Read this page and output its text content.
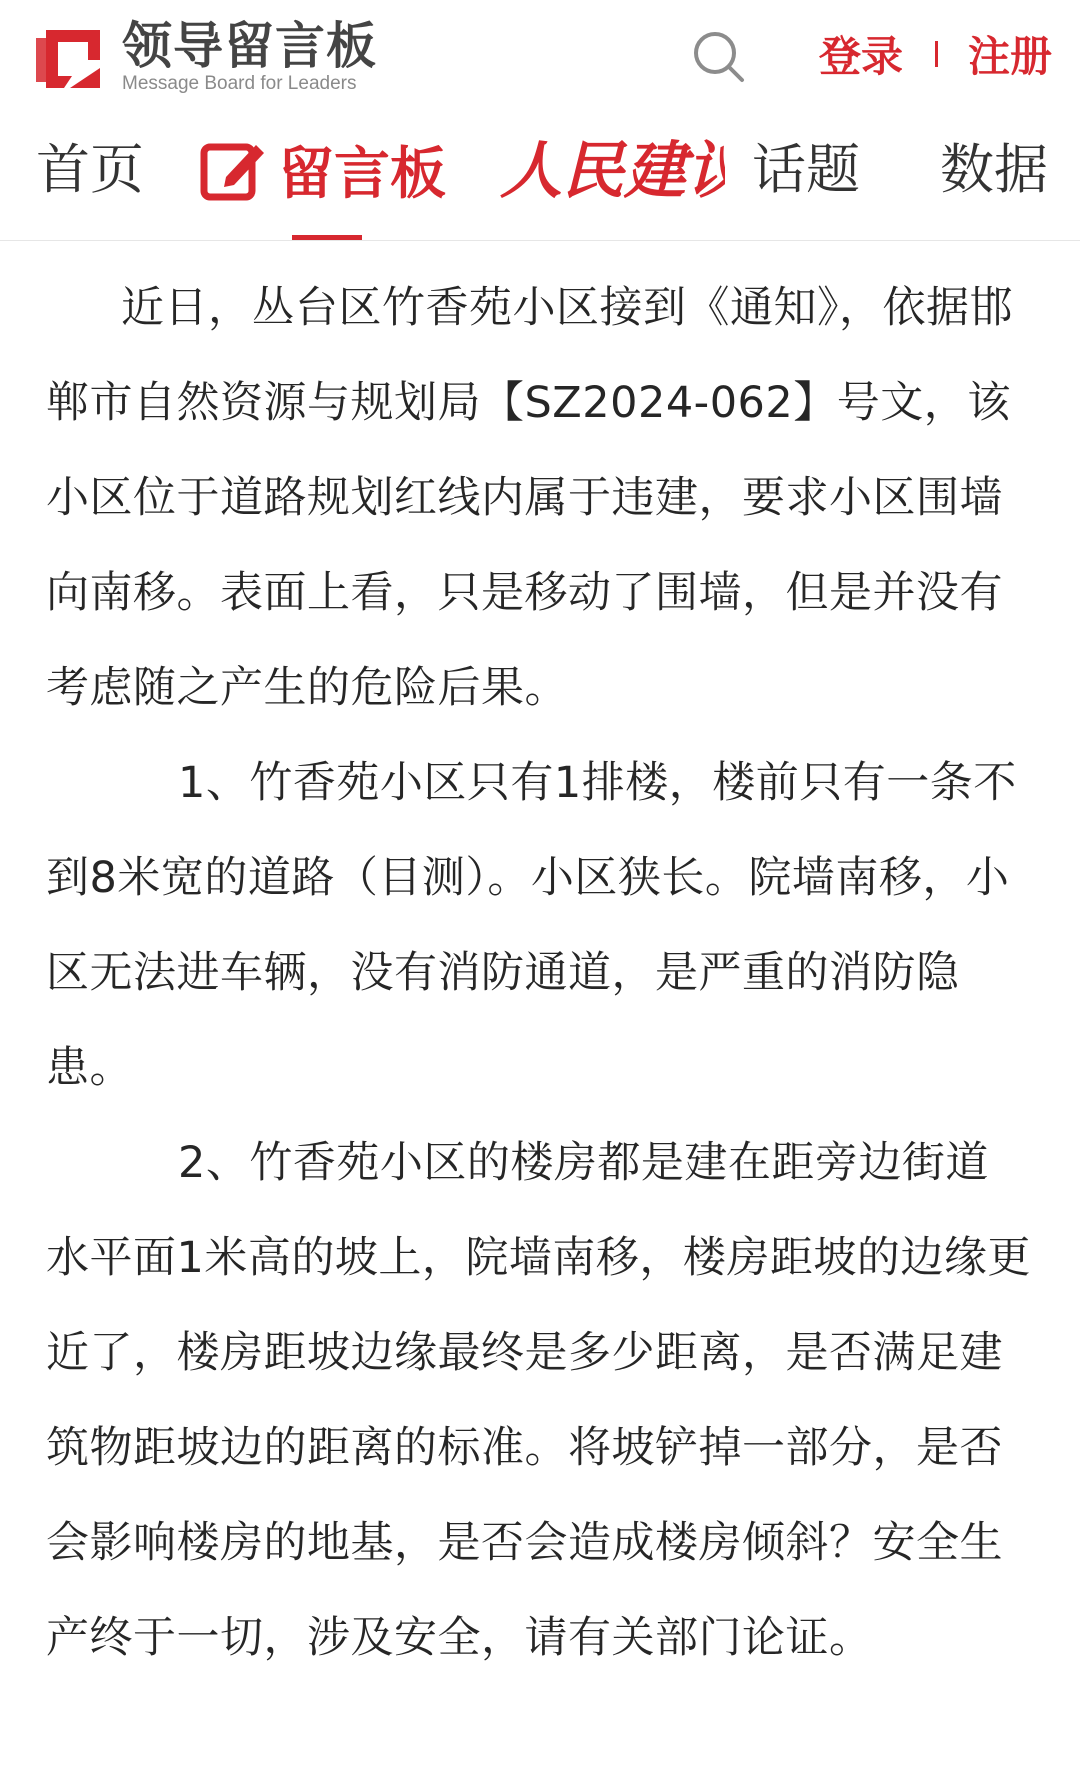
领导留言板
Message Board for Leaders
登录 注册
首页 留言板 人民建议 话题 数据

近日，丛台区竹香苑小区接到《通知》，依据邯郸市自然资源与规划局【SZ2024-062】号文，该小区位于道路规划红线内属于违建，要求小区围墙向南移。表面上看，只是移动了围墙，但是并没有考虑随之产生的危险后果。

1、竹香苑小区只有1排楼，楼前只有一条不到8米宽的道路（目测）。小区狭长。院墙南移，小区无法进车辆，没有消防通道，是严重的消防隐患。

2、竹香苑小区的楼房都是建在距旁边街道水平面1米高的坡上，院墙南移，楼房距坡的边缘更近了，楼房距坡边缘最终是多少距离，是否满足建筑物距坡边的距离的标准。将坡铲掉一部分，是否会影响楼房的地基，是否会造成楼房倾斜？安全生产终于一切，涉及安全，请有关部门论证。
